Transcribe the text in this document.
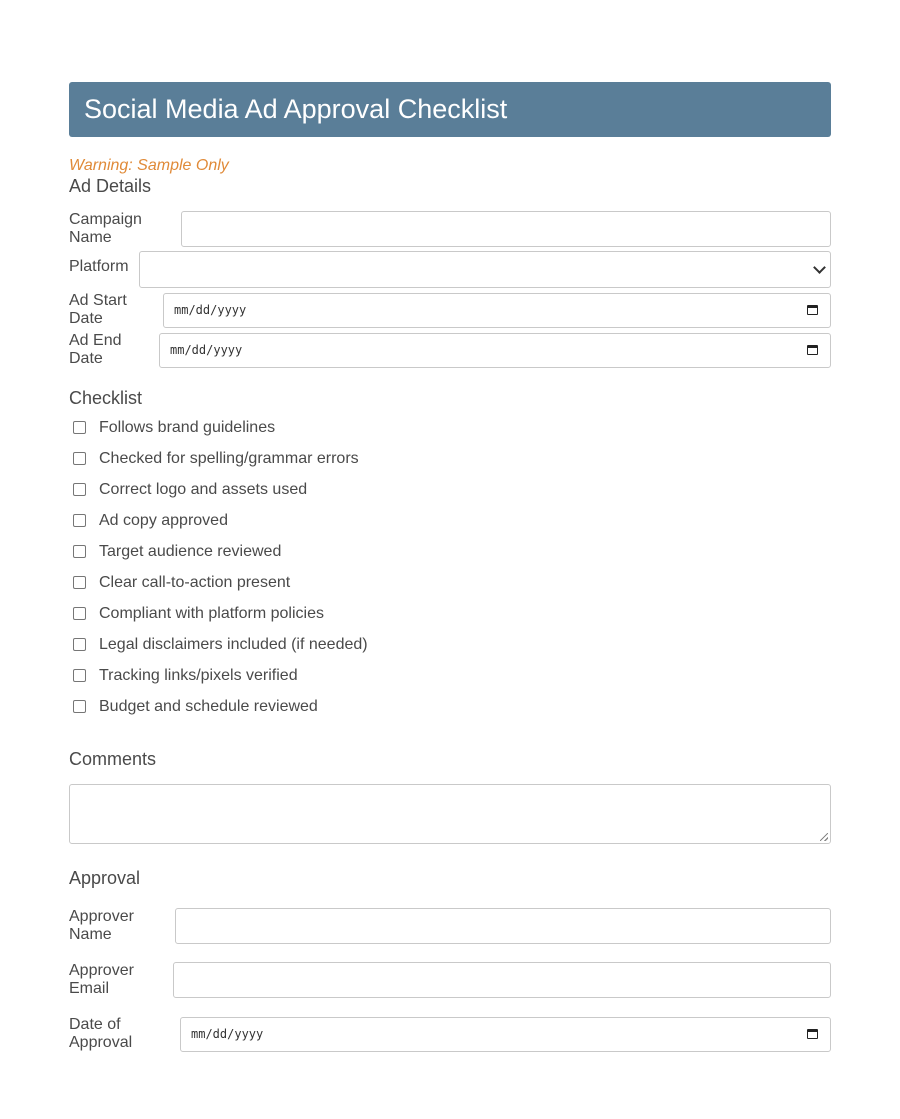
Social Media Ad Approval Checklist
Warning: Sample Only
Ad Details
Campaign Name
Platform
Ad Start Date	mm/dd/yyyy
Ad End Date	mm/dd/yyyy
Checklist
Follows brand guidelines
Checked for spelling/grammar errors
Correct logo and assets used
Ad copy approved
Target audience reviewed
Clear call-to-action present
Compliant with platform policies
Legal disclaimers included (if needed)
Tracking links/pixels verified
Budget and schedule reviewed
Comments
Approval
Approver Name
Approver Email
Date of Approval	mm/dd/yyyy
